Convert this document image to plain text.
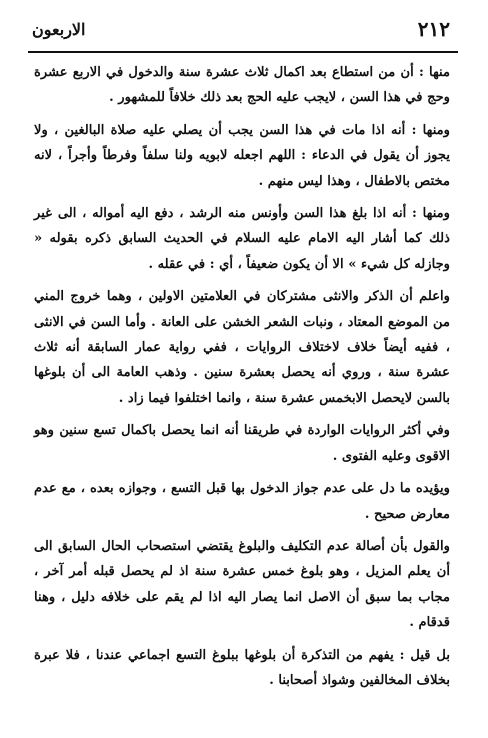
٢١٢
الاربعون

منها : أن من استطاع بعد اكمال ثلاث عشرة سنة والدخول في الاربع عشرة وحج في هذا السن ، لايجب عليه الحج بعد ذلك خلافاً للمشهور .

ومنها : أنه اذا مات في هذا السن يجب أن يصلي عليه صلاة البالغين ، ولا يجوز أن يقول في الدعاء : اللهم اجعله لابويه ولنا سلفاً وفرطاً وأجراً ، لانه مختص بالاطفال ، وهذا ليس منهم .

ومنها : أنه اذا بلغ هذا السن وأونس منه الرشد ، دفع اليه أمواله ، الى غير ذلك كما أشار اليه الامام عليه السلام في الحديث السابق ذكره بقوله « وجازله كل شيء » الا أن يكون ضعيفاً ، أي : في عقله .

واعلم أن الذكر والانثى مشتركان في العلامتين الاولين ، وهما خروج المني من الموضع المعتاد ، ونبات الشعر الخشن على العانة . وأما السن في الانثى ، ففيه أيضاً خلاف لاختلاف الروايات ، ففي رواية عمار السابقة أنه ثلاث عشرة سنة ، وروي أنه يحصل بعشرة سنين . وذهب العامة الى أن بلوغها بالسن لايحصل الابخمس عشرة سنة ، وانما اختلفوا فيما زاد .

وفي أكثر الروايات الواردة في طريقنا أنه انما يحصل باكمال تسع سنين وهو الاقوى وعليه الفتوى .

ويؤيده ما دل على عدم جواز الدخول بها قبل التسع ، وجوازه بعده ، مع عدم معارض صحيح .

والقول بأن أصالة عدم التكليف والبلوغ يقتضي استصحاب الحال السابق الى أن يعلم المزيل ، وهو بلوغ خمس عشرة سنة اذ لم يحصل قبله أمر آخر ، مجاب بما سبق أن الاصل انما يصار اليه اذا لم يقم على خلافه دليل ، وهنا قدقام .

بل قيل : يفهم من التذكرة أن بلوغها ببلوغ التسع اجماعي عندنا ، فلا عبرة بخلاف المخالفين وشواذ أصحابنا .
